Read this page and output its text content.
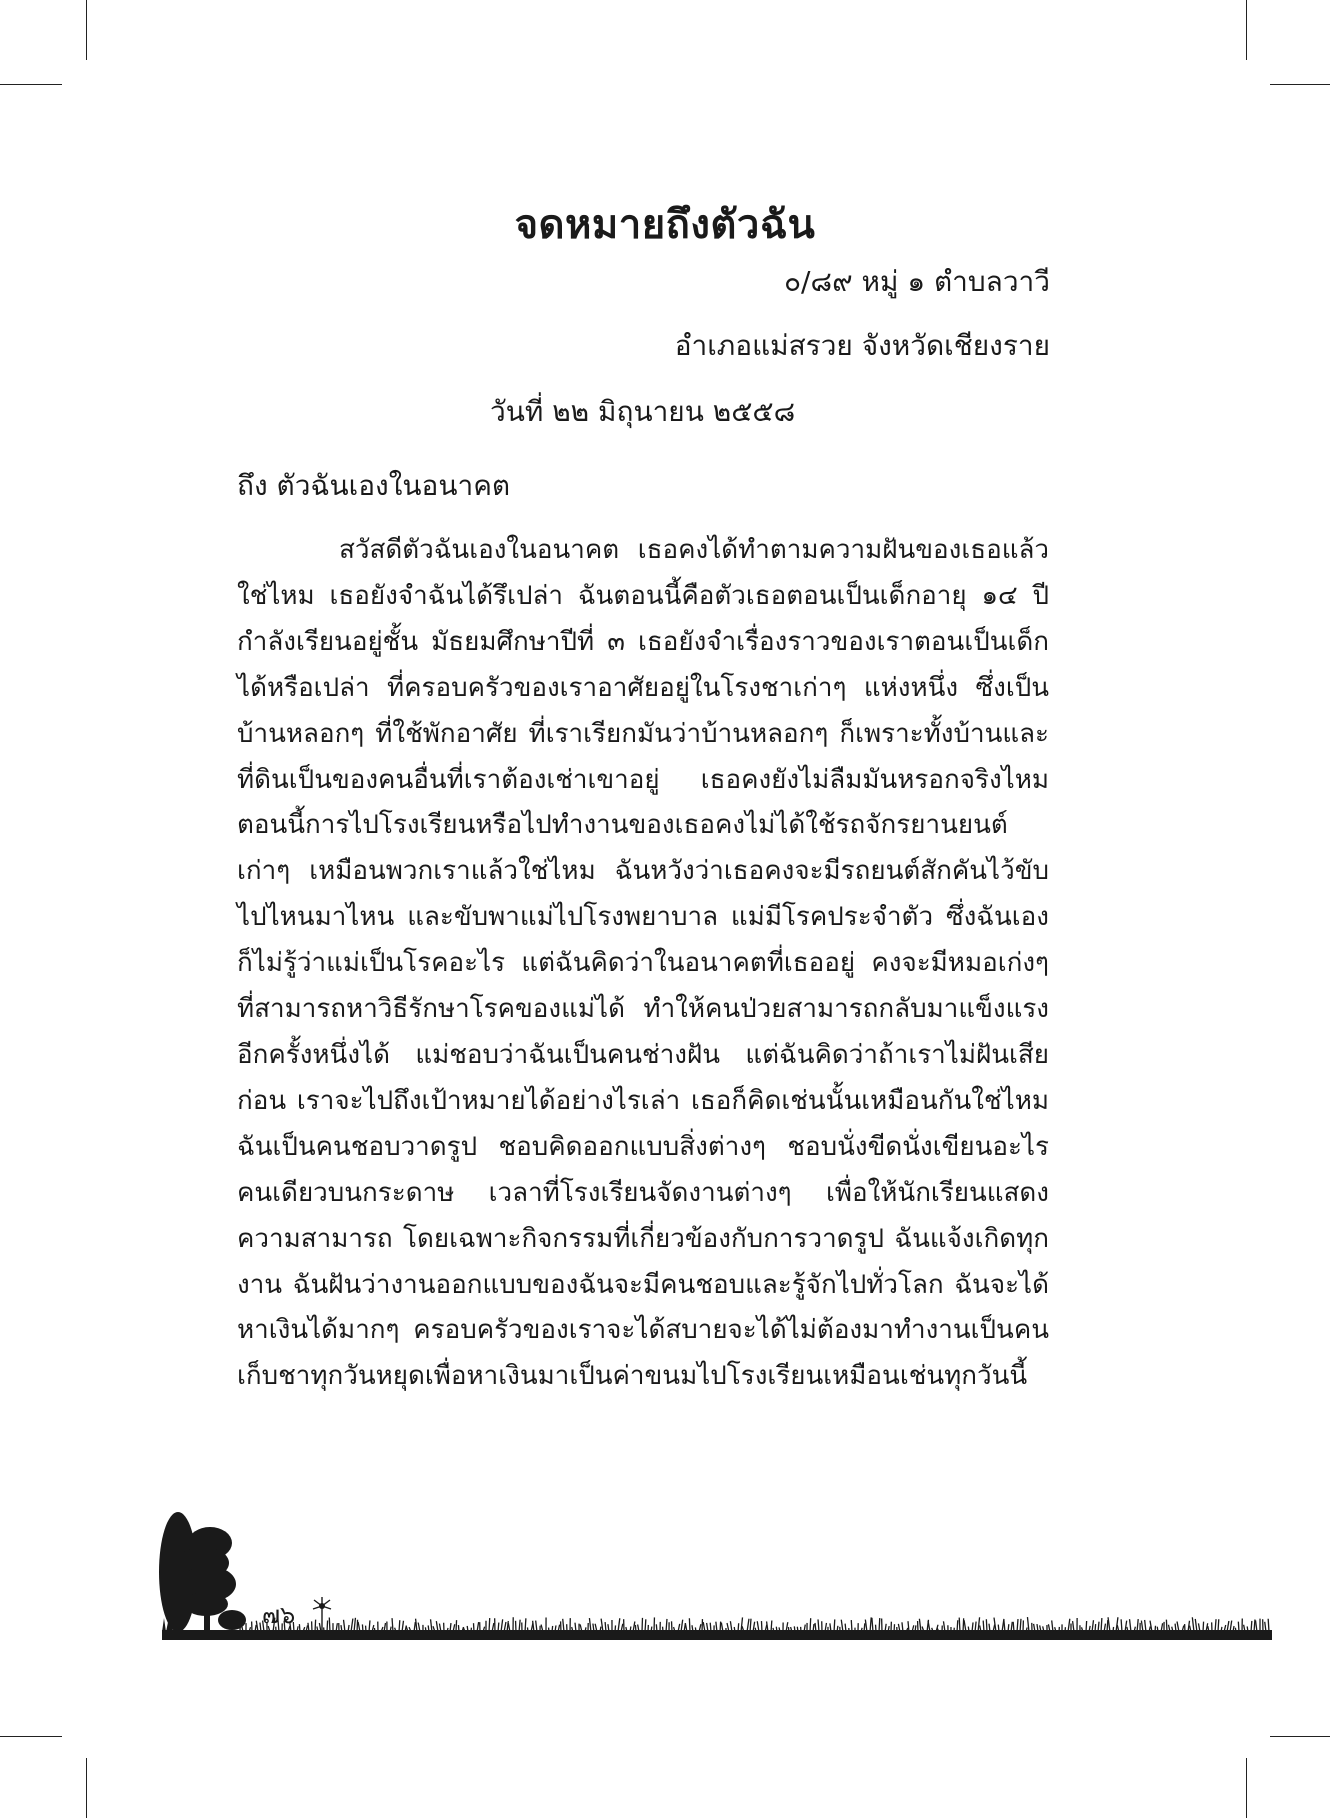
จดหมายถึงตัวฉัน
๐/๘๙ หมู่ ๑ ตำบลวาวี
อำเภอแม่สรวย จังหวัดเชียงราย
วันที่ ๒๒ มิถุนายน ๒๕๕๘
ถึง ตัวฉันเองในอนาคต

สวัสดีตัวฉันเองในอนาคต เธอคงได้ทำตามความฝันของเธอแล้วใช่ไหม เธอยังจำฉันได้รึเปล่า ฉันตอนนี้คือตัวเธอตอนเป็นเด็กอายุ ๑๔ ปี กำลังเรียนอยู่ชั้น มัธยมศึกษาปีที่ ๓ เธอยังจำเรื่องราวของเราตอนเป็นเด็กได้หรือเปล่า ที่ครอบครัวของเราอาศัยอยู่ในโรงชาเก่าๆ แห่งหนึ่ง ซึ่งเป็นบ้านหลอกๆ ที่ใช้พักอาศัย ที่เราเรียกมันว่าบ้านหลอกๆ ก็เพราะทั้งบ้านและที่ดินเป็นของคนอื่นที่เราต้องเช่าเขาอยู่ เธอคงยังไม่ลืมมันหรอกจริงไหม ตอนนี้การไปโรงเรียนหรือไปทำงานของเธอคงไม่ได้ใช้รถจักรยานยนต์เก่าๆ เหมือนพวกเราแล้วใช่ไหม ฉันหวังว่าเธอคงจะมีรถยนต์สักคันไว้ขับไปไหนมาไหน และขับพาแม่ไปโรงพยาบาล แม่มีโรคประจำตัว ซึ่งฉันเองก็ไม่รู้ว่าแม่เป็นโรคอะไร แต่ฉันคิดว่าในอนาคตที่เธออยู่ คงจะมีหมอเก่งๆ ที่สามารถหาวิธีรักษาโรคของแม่ได้ ทำให้คนป่วยสามารถกลับมาแข็งแรงอีกครั้งหนึ่งได้ แม่ชอบว่าฉันเป็นคนช่างฝัน แต่ฉันคิดว่าถ้าเราไม่ฝันเสียก่อน เราจะไปถึงเป้าหมายได้อย่างไรเล่า เธอก็คิดเช่นนั้นเหมือนกันใช่ไหม ฉันเป็นคนชอบวาดรูป ชอบคิดออกแบบสิ่งต่างๆ ชอบนั่งขีดนั่งเขียนอะไรคนเดียวบนกระดาษ เวลาที่โรงเรียนจัดงานต่างๆ เพื่อให้นักเรียนแสดงความสามารถ โดยเฉพาะกิจกรรมที่เกี่ยวข้องกับการวาดรูป ฉันแจ้งเกิดทุกงาน ฉันฝันว่างานออกแบบของฉันจะมีคนชอบและรู้จักไปทั่วโลก ฉันจะได้หาเงินได้มากๆ ครอบครัวของเราจะได้สบายจะได้ไม่ต้องมาทำงานเป็นคนเก็บชาทุกวันหยุดเพื่อหาเงินมาเป็นค่าขนมไปโรงเรียนเหมือนเช่นทุกวันนี้

๗๖
